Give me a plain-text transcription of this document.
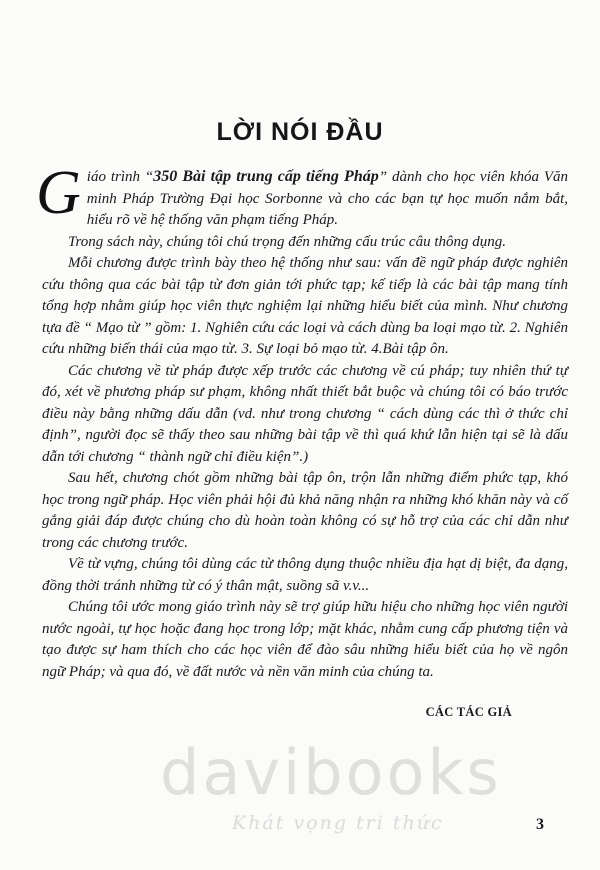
LỜI NÓI ĐẦU

Giáo trình “350 Bài tập trung cấp tiếng Pháp” dành cho học viên khóa Văn minh Pháp Trường Đại học Sorbonne và cho các bạn tự học muốn nắm bắt, hiểu rõ về hệ thống văn phạm tiếng Pháp.

Trong sách này, chúng tôi chú trọng đến những cấu trúc câu thông dụng.

Mỗi chương được trình bày theo hệ thống như sau: vấn đề ngữ pháp được nghiên cứu thông qua các bài tập từ đơn giản tới phức tạp; kế tiếp là các bài tập mang tính tổng hợp nhằm giúp học viên thực nghiệm lại những hiểu biết của mình. Như chương tựa đề “ Mạo từ ” gồm: 1. Nghiên cứu các loại và cách dùng ba loại mạo từ. 2. Nghiên cứu những biến thái của mạo từ. 3. Sự loại bỏ mạo từ. 4.Bài tập ôn.

Các chương về từ pháp được xếp trước các chương về cú pháp; tuy nhiên thứ tự đó, xét về phương pháp sư phạm, không nhất thiết bắt buộc và chúng tôi có báo trước điều này bằng những dấu dẫn (vd. như trong chương “ cách dùng các thì ở thức chỉ định”, người đọc sẽ thấy theo sau những bài tập về thì quá khứ lẫn hiện tại sẽ là dấu dẫn tới chương “ thành ngữ chỉ điều kiện”.)

Sau hết, chương chót gồm những bài tập ôn, trộn lẫn những điểm phức tạp, khó học trong ngữ pháp. Học viên phải hội đủ khả năng nhận ra những khó khăn này và cố gắng giải đáp được chúng cho dù hoàn toàn không có sự hỗ trợ của các chỉ dẫn như trong các chương trước.

Về từ vựng, chúng tôi dùng các từ thông dụng thuộc nhiều địa hạt dị biệt, đa dạng, đồng thời tránh những từ có ý thân mật, suồng sã v.v...

Chúng tôi ước mong giáo trình này sẽ trợ giúp hữu hiệu cho những học viên người nước ngoài, tự học hoặc đang học trong lớp; mặt khác, nhằm cung cấp phương tiện và tạo được sự ham thích cho các học viên để đào sâu những hiểu biết của họ về ngôn ngữ Pháp; và qua đó, về đất nước và nền văn minh của chúng ta.

CÁC TÁC GIẢ
davibooks
Khát vọng tri thức	3
